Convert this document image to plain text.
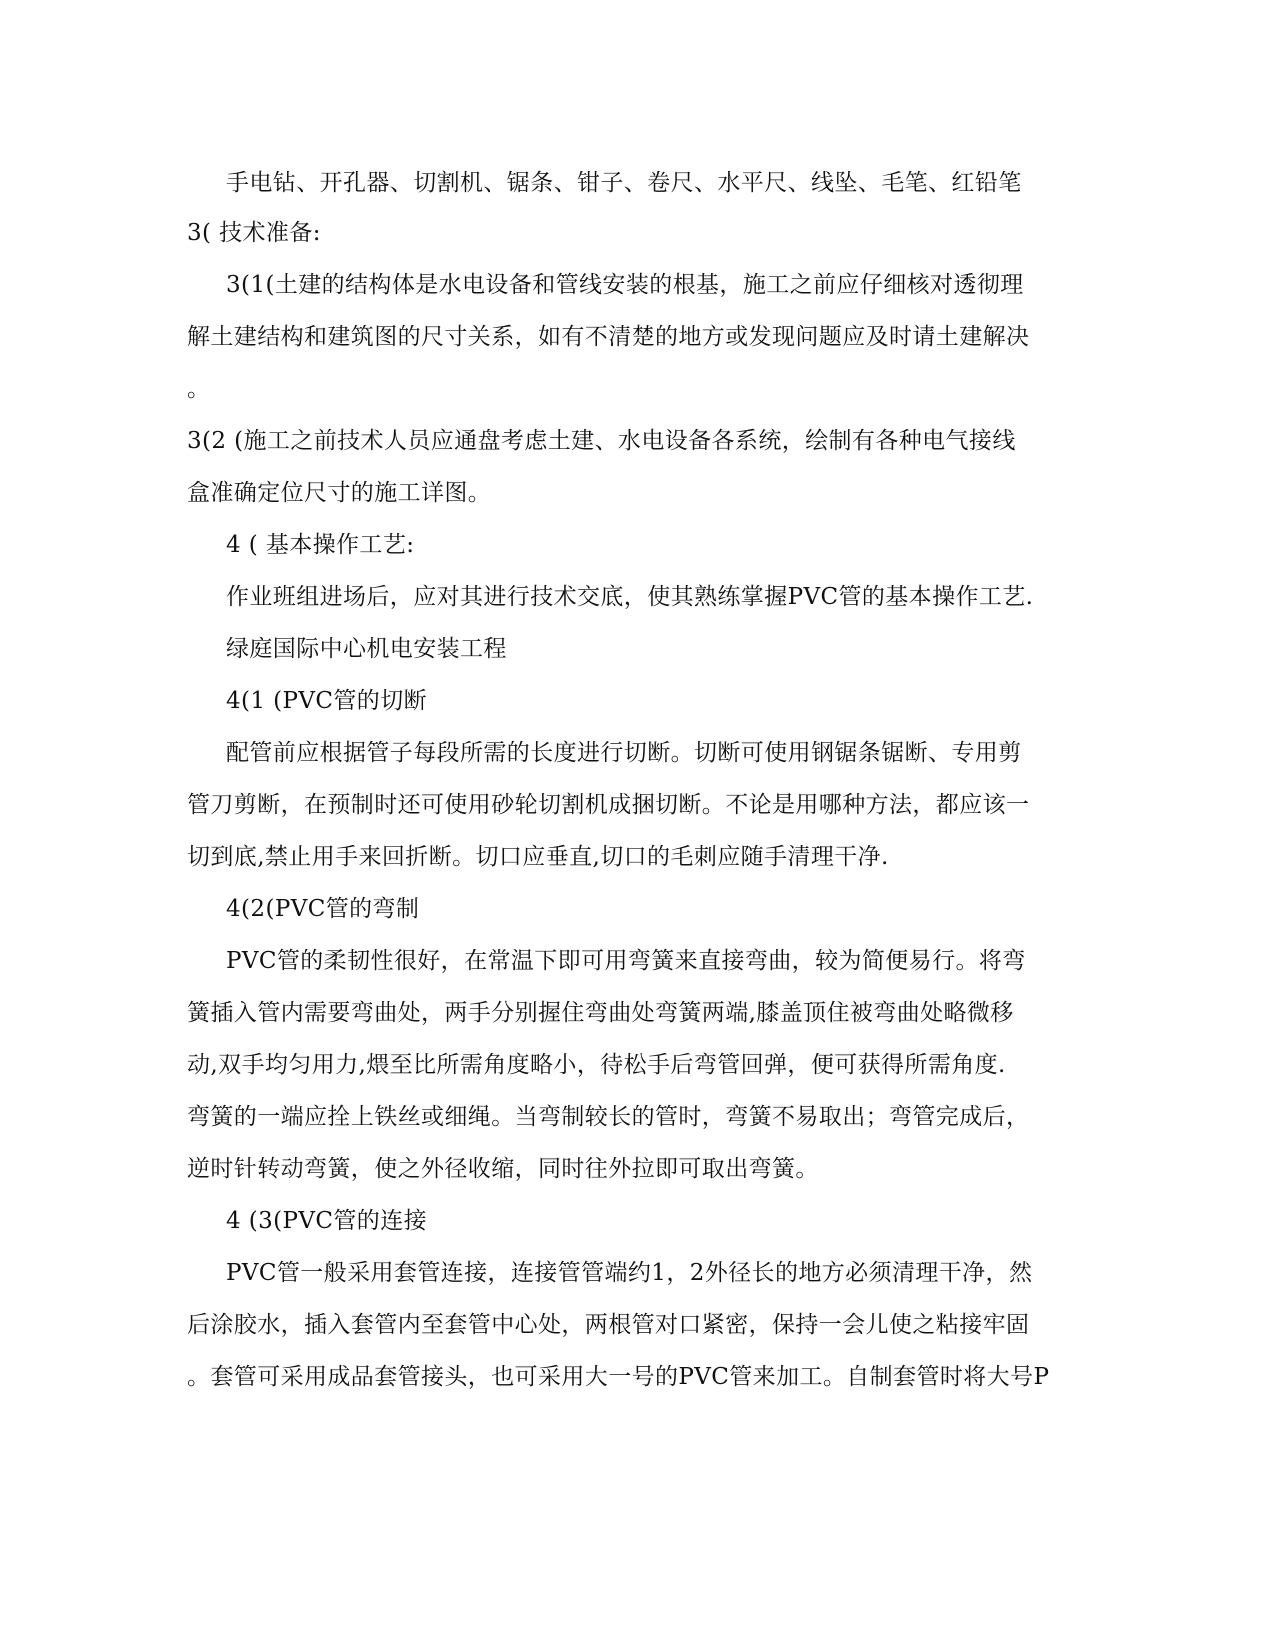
手电钻、开孔器、切割机、锯条、钳子、卷尺、水平尺、线坠、毛笔、红铅笔
3( 技术准备:
3(1(土建的结构体是水电设备和管线安装的根基，施工之前应仔细核对透彻理
解土建结构和建筑图的尺寸关系，如有不清楚的地方或发现问题应及时请土建解决
。
3(2 (施工之前技术人员应通盘考虑土建、水电设备各系统，绘制有各种电气接线
盒准确定位尺寸的施工详图。
4 ( 基本操作工艺:
作业班组进场后，应对其进行技术交底，使其熟练掌握PVC管的基本操作工艺.
绿庭国际中心机电安装工程
4(1 (PVC管的切断
配管前应根据管子每段所需的长度进行切断。切断可使用钢锯条锯断、专用剪
管刀剪断，在预制时还可使用砂轮切割机成捆切断。不论是用哪种方法，都应该一
切到底,禁止用手来回折断。切口应垂直,切口的毛刺应随手清理干净.
4(2(PVC管的弯制
PVC管的柔韧性很好，在常温下即可用弯簧来直接弯曲，较为简便易行。将弯
簧插入管内需要弯曲处，两手分别握住弯曲处弯簧两端,膝盖顶住被弯曲处略微移
动,双手均匀用力,煨至比所需角度略小，待松手后弯管回弹，便可获得所需角度.
弯簧的一端应拴上铁丝或细绳。当弯制较长的管时，弯簧不易取出；弯管完成后，
逆时针转动弯簧，使之外径收缩，同时往外拉即可取出弯簧。
4 (3(PVC管的连接
PVC管一般采用套管连接，连接管管端约1，2外径长的地方必须清理干净，然
后涂胶水，插入套管内至套管中心处，两根管对口紧密，保持一会儿使之粘接牢固
。套管可采用成品套管接头，也可采用大一号的PVC管来加工。自制套管时将大号P
